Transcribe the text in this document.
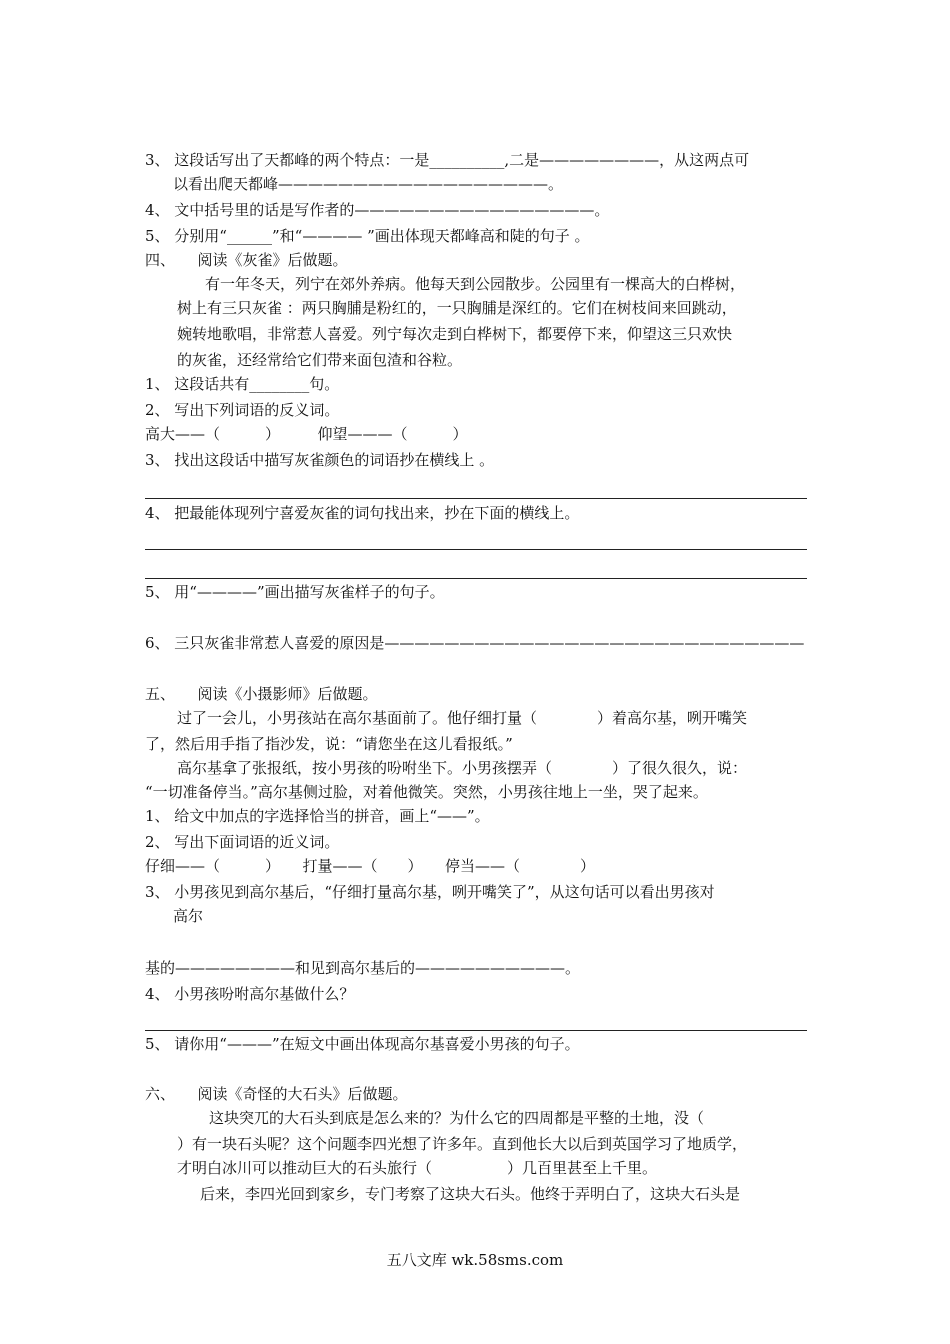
3、 这段话写出了天都峰的两个特点：一是__________,二是————————，从这两点可
以看出爬天都峰——————————————————。
4、 文中括号里的话是写作者的————————————————。
5、 分别用“______”和“———— ”画出体现天都峰高和陡的句子 。
四、　　阅读《灰雀》后做题。
有一年冬天，列宁在郊外养病。他每天到公园散步。公园里有一棵高大的白桦树，
树上有三只灰雀 ：两只胸脯是粉红的，一只胸脯是深红的。它们在树枝间来回跳动，
婉转地歌唱，非常惹人喜爱。列宁每次走到白桦树下，都要停下来，仰望这三只欢快
的灰雀，还经常给它们带来面包渣和谷粒。
1、 这段话共有________句。
2、 写出下列词语的反义词。
高大——（　　　）　　　仰望———（　　　）
3、 找出这段话中描写灰雀颜色的词语抄在横线上 。
4、 把最能体现列宁喜爱灰雀的词句找出来，抄在下面的横线上。
5、 用“————”画出描写灰雀样子的句子。
6、 三只灰雀非常惹人喜爱的原因是————————————————————————————
五、　　阅读《小摄影师》后做题。
过了一会儿，小男孩站在高尔基面前了。他仔细打量（　　　　）着高尔基，咧开嘴笑
了，然后用手指了指沙发，说：“请您坐在这儿看报纸。”
高尔基拿了张报纸，按小男孩的吩咐坐下。小男孩摆弄（　　　　）了很久很久，说：
“一切准备停当。”高尔基侧过脸，对着他微笑。突然，小男孩往地上一坐，哭了起来。
1、 给文中加点的字选择恰当的拼音，画上“——”。
2、 写出下面词语的近义词。
仔细——（　　　）　　打量——（　　）　　停当——（　　　　）
3、 小男孩见到高尔基后，“仔细打量高尔基，咧开嘴笑了”，从这句话可以看出男孩对
高尔
基的————————和见到高尔基后的——————————。
4、 小男孩吩咐高尔基做什么？
5、 请你用“———”在短文中画出体现高尔基喜爱小男孩的句子。
六、　　阅读《奇怪的大石头》后做题。
这块突兀的大石头到底是怎么来的？为什么它的四周都是平整的土地，没（
）有一块石头呢？这个问题李四光想了许多年。直到他长大以后到英国学习了地质学，
才明白冰川可以推动巨大的石头旅行（　　　　　）几百里甚至上千里。
后来，李四光回到家乡，专门考察了这块大石头。他终于弄明白了，这块大石头是
五八文库 wk.58sms.com
